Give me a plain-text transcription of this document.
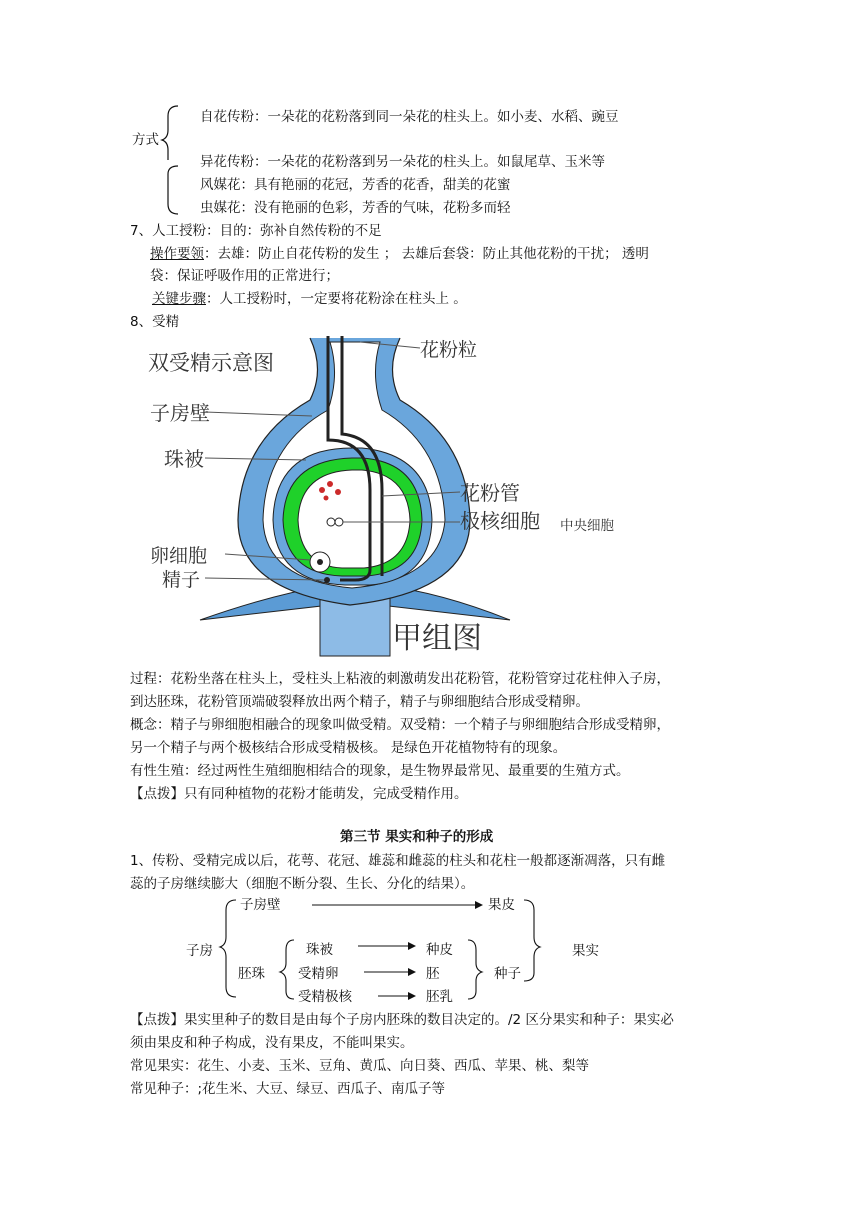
方式
自花传粉：一朵花的花粉落到同一朵花的柱头上。如小麦、水稻、豌豆
异花传粉：一朵花的花粉落到另一朵花的柱头上。如鼠尾草、玉米等
风媒花：具有艳丽的花冠，芳香的花香，甜美的花蜜
虫媒花：没有艳丽的色彩，芳香的气味，花粉多而轻
7、人工授粉：目的：弥补自然传粉的不足
操作要领：去雄：防止自花传粉的发生 ； 去雄后套袋：防止其他花粉的干扰； 透明
袋：保证呼吸作用的正常进行；
关键步骤：人工授粉时，一定要将花粉涂在柱头上 。
8、受精
双受精示意图
花粉粒
子房壁
珠被
花粉管
极核细胞 中央细胞
卵细胞
精子
甲组图
过程：花粉坐落在柱头上，受柱头上粘液的刺激萌发出花粉管，花粉管穿过花柱伸入子房，
到达胚珠，花粉管顶端破裂释放出两个精子，精子与卵细胞结合形成受精卵。
概念：精子与卵细胞相融合的现象叫做受精。双受精：一个精子与卵细胞结合形成受精卵，
另一个精子与两个极核结合形成受精极核。 是绿色开花植物特有的现象。
有性生殖：经过两性生殖细胞相结合的现象，是生物界最常见、最重要的生殖方式。
【点拨】只有同种植物的花粉才能萌发，完成受精作用。
第三节 果实和种子的形成
1、传粉、受精完成以后，花萼、花冠、雄蕊和雌蕊的柱头和花柱一般都逐渐凋落，只有雌
蕊的子房继续膨大（细胞不断分裂、生长、分化的结果）。
子房
子房壁	果皮
胚珠
珠被	种皮
受精卵	胚
受精极核	胚乳
种子
果实
【点拨】果实里种子的数目是由每个子房内胚珠的数目决定的。/2 区分果实和种子：果实必
须由果皮和种子构成，没有果皮，不能叫果实。
常见果实：花生、小麦、玉米、豆角、黄瓜、向日葵、西瓜、苹果、桃、梨等
常见种子：;花生米、大豆、绿豆、西瓜子、南瓜子等
